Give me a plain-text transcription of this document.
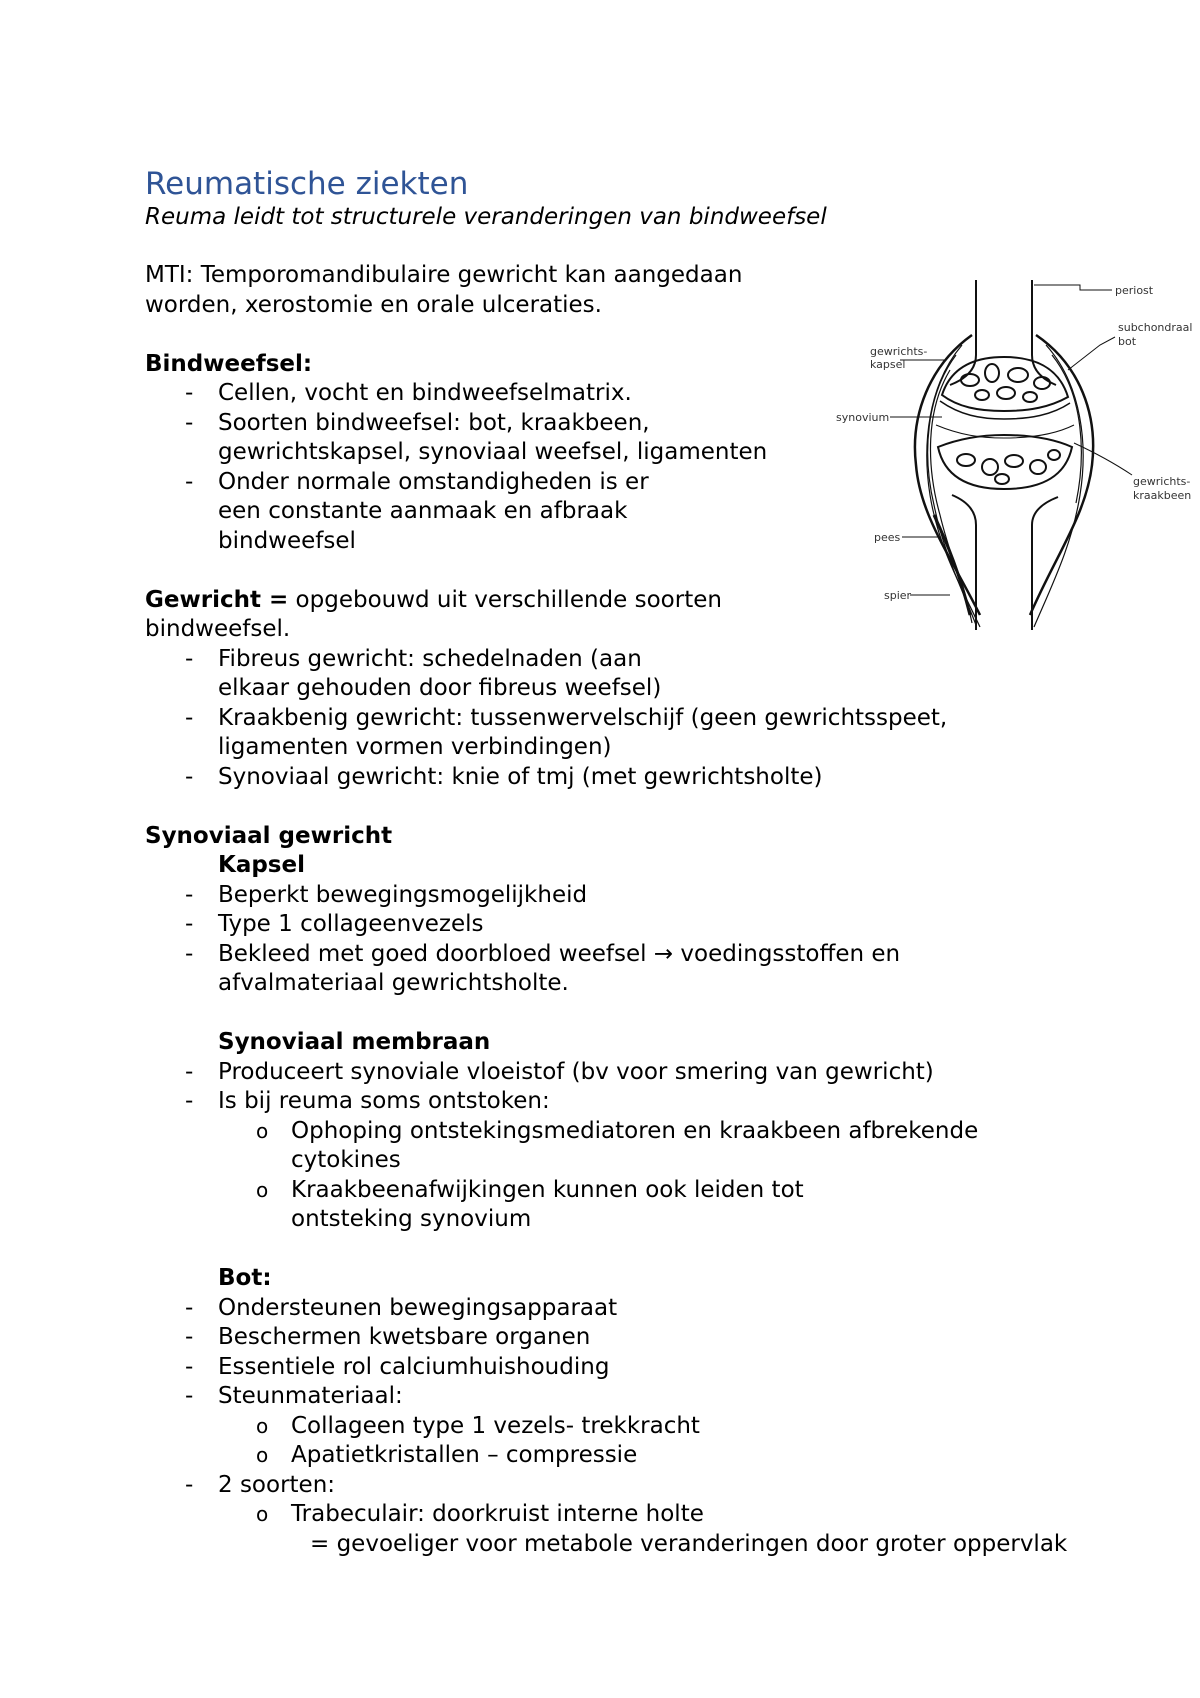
Reumatische ziekten

Reuma leidt tot structurele veranderingen van bindweefsel

MTI: Temporomandibulaire gewricht kan aangedaan worden, xerostomie en orale ulceraties.

Bindweefsel:

- Cellen, vocht en bindweefselmatrix.
- Soorten bindweefsel: bot, kraakbeen, gewrichtskapsel, synoviaal weefsel, ligamenten
- Onder normale omstandigheden is er een constante aanmaak en afbraak bindweefsel

Gewricht = opgebouwd uit verschillende soorten bindweefsel.

- Fibreus gewricht: schedelnaden (aan elkaar gehouden door fibreus weefsel)
- Kraakbenig gewricht: tussenwervelschijf (geen gewrichtsspeet, ligamenten vormen verbindingen)
- Synoviaal gewricht: knie of tmj (met gewrichtsholte)

Synoviaal gewricht

Kapsel

- Beperkt bewegingsmogelijkheid
- Type 1 collageenvezels
- Bekleed met goed doorbloed weefsel → voedingsstoffen en afvalmateriaal gewrichtsholte.

Synoviaal membraan

- Produceert synoviale vloeistof (bv voor smering van gewricht)
- Is bij reuma soms ontstoken:
o Ophoping ontstekingsmediatoren en kraakbeen afbrekende cytokines
o Kraakbeenafwijkingen kunnen ook leiden tot ontsteking synovium

Bot:

- Ondersteunen bewegingsapparaat
- Beschermen kwetsbare organen
- Essentiele rol calciumhuishouding
- Steunmateriaal:
o Collageen type 1 vezels- trekkracht
o Apatietkristallen – compressie
- 2 soorten:
o Trabeculair: doorkruist interne holte

= gevoeliger voor metabole veranderingen door groter oppervlak

periost
subchondraal
bot
gewrichts-
kapsel
synovium
gewrichts-
kraakbeen
pees
spier
